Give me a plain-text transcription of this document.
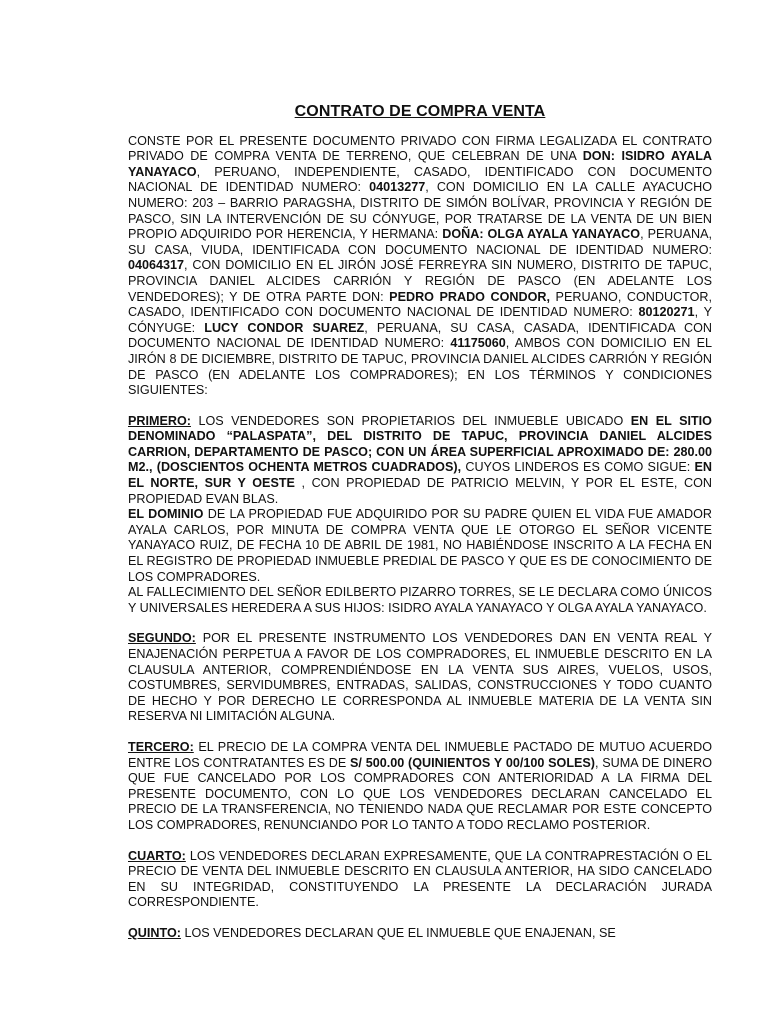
CONTRATO DE COMPRA VENTA

CONSTE POR EL PRESENTE DOCUMENTO PRIVADO CON FIRMA LEGALIZADA EL CONTRATO PRIVADO DE COMPRA VENTA DE TERRENO, QUE CELEBRAN DE UNA DON: ISIDRO AYALA YANAYACO, PERUANO, INDEPENDIENTE, CASADO, IDENTIFICADO CON DOCUMENTO NACIONAL DE IDENTIDAD NUMERO: 04013277, CON DOMICILIO EN LA CALLE AYACUCHO NUMERO: 203 – BARRIO PARAGSHA, DISTRITO DE SIMÓN BOLÍVAR, PROVINCIA Y REGIÓN DE PASCO, SIN LA INTERVENCIÓN DE SU CÓNYUGE, POR TRATARSE DE LA VENTA DE UN BIEN PROPIO ADQUIRIDO POR HERENCIA, Y HERMANA: DOÑA: OLGA AYALA YANAYACO, PERUANA, SU CASA, VIUDA, IDENTIFICADA CON DOCUMENTO NACIONAL DE IDENTIDAD NUMERO: 04064317, CON DOMICILIO EN EL JIRÓN JOSÉ FERREYRA SIN NUMERO, DISTRITO DE TAPUC, PROVINCIA DANIEL ALCIDES CARRIÓN Y REGIÓN DE PASCO (EN ADELANTE LOS VENDEDORES); Y DE OTRA PARTE DON: PEDRO PRADO CONDOR, PERUANO, CONDUCTOR, CASADO, IDENTIFICADO CON DOCUMENTO NACIONAL DE IDENTIDAD NUMERO: 80120271, Y CÓNYUGE: LUCY CONDOR SUAREZ, PERUANA, SU CASA, CASADA, IDENTIFICADA CON DOCUMENTO NACIONAL DE IDENTIDAD NUMERO: 41175060, AMBOS CON DOMICILIO EN EL JIRÓN 8 DE DICIEMBRE, DISTRITO DE TAPUC, PROVINCIA DANIEL ALCIDES CARRIÓN Y REGIÓN DE PASCO (EN ADELANTE LOS COMPRADORES); EN LOS TÉRMINOS Y CONDICIONES SIGUIENTES:

PRIMERO: LOS VENDEDORES SON PROPIETARIOS DEL INMUEBLE UBICADO EN EL SITIO DENOMINADO “PALASPATA”, DEL DISTRITO DE TAPUC, PROVINCIA DANIEL ALCIDES CARRION, DEPARTAMENTO DE PASCO; CON UN ÁREA SUPERFICIAL APROXIMADO DE: 280.00 M2., (DOSCIENTOS OCHENTA METROS CUADRADOS), CUYOS LINDEROS ES COMO SIGUE: EN EL NORTE, SUR Y OESTE , CON PROPIEDAD DE PATRICIO MELVIN, Y POR EL ESTE, CON PROPIEDAD EVAN BLAS.

EL DOMINIO DE LA PROPIEDAD FUE ADQUIRIDO POR SU PADRE QUIEN EL VIDA FUE AMADOR AYALA CARLOS, POR MINUTA DE COMPRA VENTA QUE LE OTORGO EL SEÑOR VICENTE YANAYACO RUIZ, DE FECHA 10 DE ABRIL DE 1981, NO HABIÉNDOSE INSCRITO A LA FECHA EN EL REGISTRO DE PROPIEDAD INMUEBLE PREDIAL DE PASCO Y QUE ES DE CONOCIMIENTO DE LOS COMPRADORES.

AL FALLECIMIENTO DEL SEÑOR EDILBERTO PIZARRO TORRES, SE LE DECLARA COMO ÚNICOS Y UNIVERSALES HEREDERA A SUS HIJOS: ISIDRO AYALA YANAYACO Y OLGA AYALA YANAYACO.

SEGUNDO: POR EL PRESENTE INSTRUMENTO LOS VENDEDORES DAN EN VENTA REAL Y ENAJENACIÓN PERPETUA A FAVOR DE LOS COMPRADORES, EL INMUEBLE DESCRITO EN LA CLAUSULA ANTERIOR, COMPRENDIÉNDOSE EN LA VENTA SUS AIRES, VUELOS, USOS, COSTUMBRES, SERVIDUMBRES, ENTRADAS, SALIDAS, CONSTRUCCIONES Y TODO CUANTO DE HECHO Y POR DERECHO LE CORRESPONDA AL INMUEBLE MATERIA DE LA VENTA SIN RESERVA NI LIMITACIÓN ALGUNA.

TERCERO: EL PRECIO DE LA COMPRA VENTA DEL INMUEBLE PACTADO DE MUTUO ACUERDO ENTRE LOS CONTRATANTES ES DE S/ 500.00 (QUINIENTOS Y 00/100 SOLES), SUMA DE DINERO QUE FUE CANCELADO POR LOS COMPRADORES CON ANTERIORIDAD A LA FIRMA DEL PRESENTE DOCUMENTO, CON LO QUE LOS VENDEDORES DECLARAN CANCELADO EL PRECIO DE LA TRANSFERENCIA, NO TENIENDO NADA QUE RECLAMAR POR ESTE CONCEPTO LOS COMPRADORES, RENUNCIANDO POR LO TANTO A TODO RECLAMO POSTERIOR.

CUARTO: LOS VENDEDORES DECLARAN EXPRESAMENTE, QUE LA CONTRAPRESTACIÓN O EL PRECIO DE VENTA DEL INMUEBLE DESCRITO EN CLAUSULA ANTERIOR, HA SIDO CANCELADO EN SU INTEGRIDAD, CONSTITUYENDO LA PRESENTE LA DECLARACIÓN JURADA CORRESPONDIENTE.

QUINTO: LOS VENDEDORES DECLARAN QUE EL INMUEBLE QUE ENAJENAN, SE
